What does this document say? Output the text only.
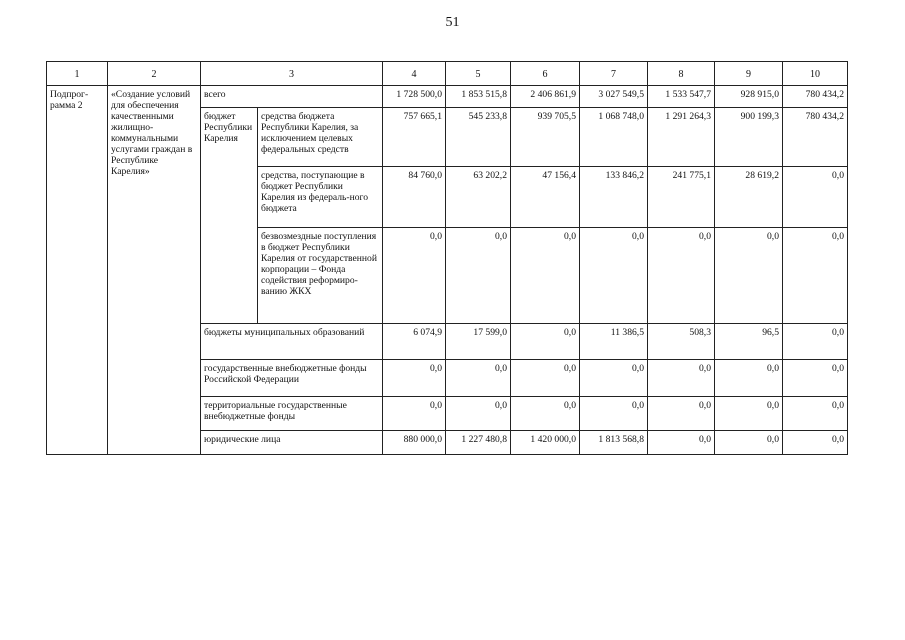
51
1	2	3		4	5	6	7	8	9	10
Подпрог-рамма 2	«Создание условий для обеспечения качественными жилищно-коммунальными услугами граждан в Республике Карелия»	всего		1 728 500,0	1 853 515,8	2 406 861,9	3 027 549,5	1 533 547,7	928 915,0	780 434,2
		бюджет Республики Карелия	средства бюджета Республики Карелия, за исключением целевых федеральных средств	757 665,1	545 233,8	939 705,5	1 068 748,0	1 291 264,3	900 199,3	780 434,2
			средства, поступающие в бюджет Республики Карелия из федераль-ного бюджета	84 760,0	63 202,2	47 156,4	133 846,2	241 775,1	28 619,2	0,0
			безвозмездные поступления в бюджет Республики Карелия от государственной корпорации – Фонда содействия реформиро-ванию ЖКХ	0,0	0,0	0,0	0,0	0,0	0,0	0,0
		бюджеты муниципальных образований		6 074,9	17 599,0	0,0	11 386,5	508,3	96,5	0,0
		государственные внебюджетные фонды Российской Федерации		0,0	0,0	0,0	0,0	0,0	0,0	0,0
		территориальные государственные внебюджетные фонды		0,0	0,0	0,0	0,0	0,0	0,0	0,0
		юридические лица		880 000,0	1 227 480,8	1 420 000,0	1 813 568,8	0,0	0,0	0,0
